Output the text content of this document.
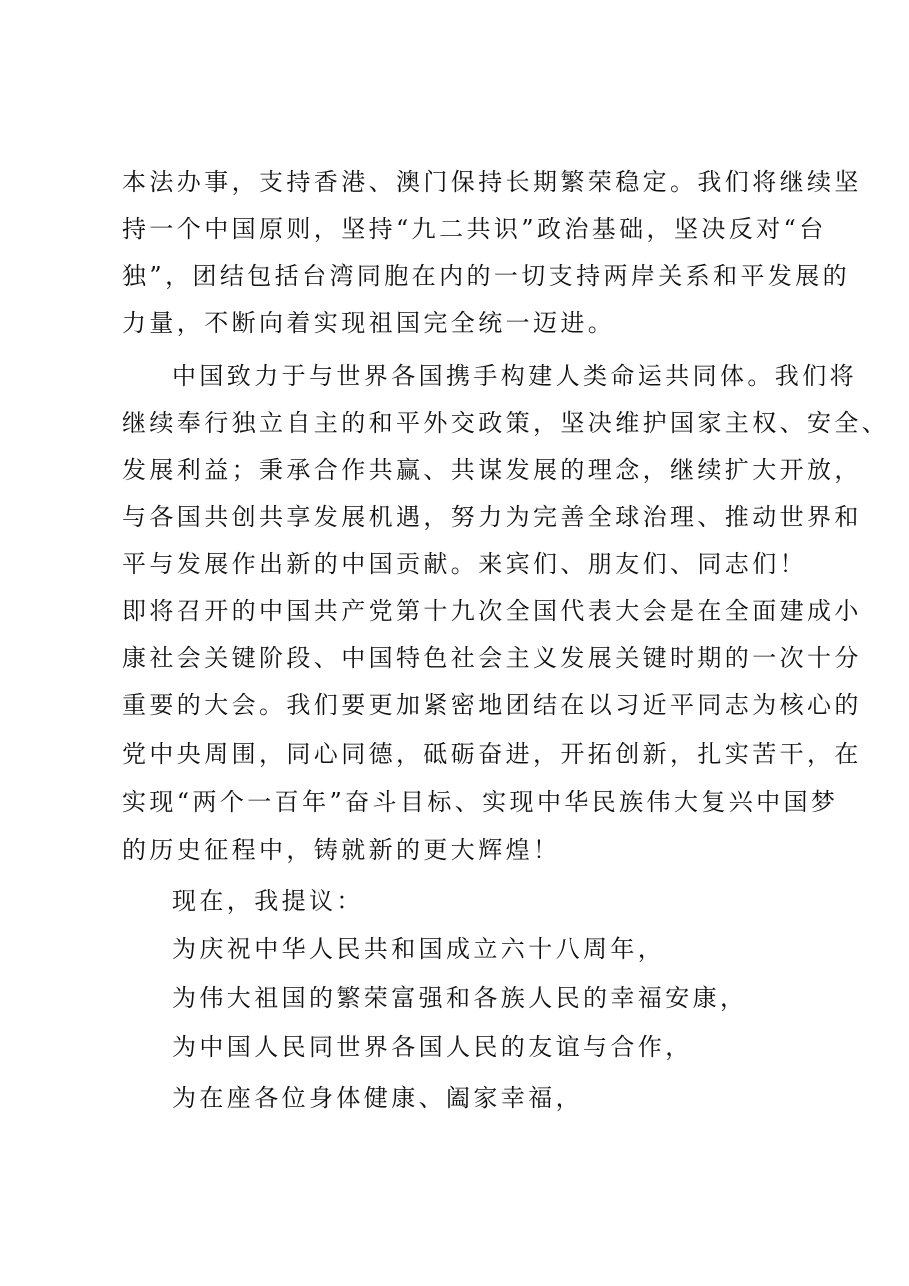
本法办事，支持香港、澳门保持长期繁荣稳定。我们将继续坚
持一个中国原则，坚持“九二共识”政治基础，坚决反对“台
独”，团结包括台湾同胞在内的一切支持两岸关系和平发展的
力量，不断向着实现祖国完全统一迈进。
中国致力于与世界各国携手构建人类命运共同体。我们将
继续奉行独立自主的和平外交政策，坚决维护国家主权、安全、
发展利益；秉承合作共赢、共谋发展的理念，继续扩大开放，
与各国共创共享发展机遇，努力为完善全球治理、推动世界和
平与发展作出新的中国贡献。来宾们、朋友们、同志们！
即将召开的中国共产党第十九次全国代表大会是在全面建成小
康社会关键阶段、中国特色社会主义发展关键时期的一次十分
重要的大会。我们要更加紧密地团结在以习近平同志为核心的
党中央周围，同心同德，砥砺奋进，开拓创新，扎实苦干，在
实现“两个一百年”奋斗目标、实现中华民族伟大复兴中国梦
的历史征程中，铸就新的更大辉煌！
现在，我提议：
为庆祝中华人民共和国成立六十八周年，
为伟大祖国的繁荣富强和各族人民的幸福安康，
为中国人民同世界各国人民的友谊与合作，
为在座各位身体健康、阖家幸福，
